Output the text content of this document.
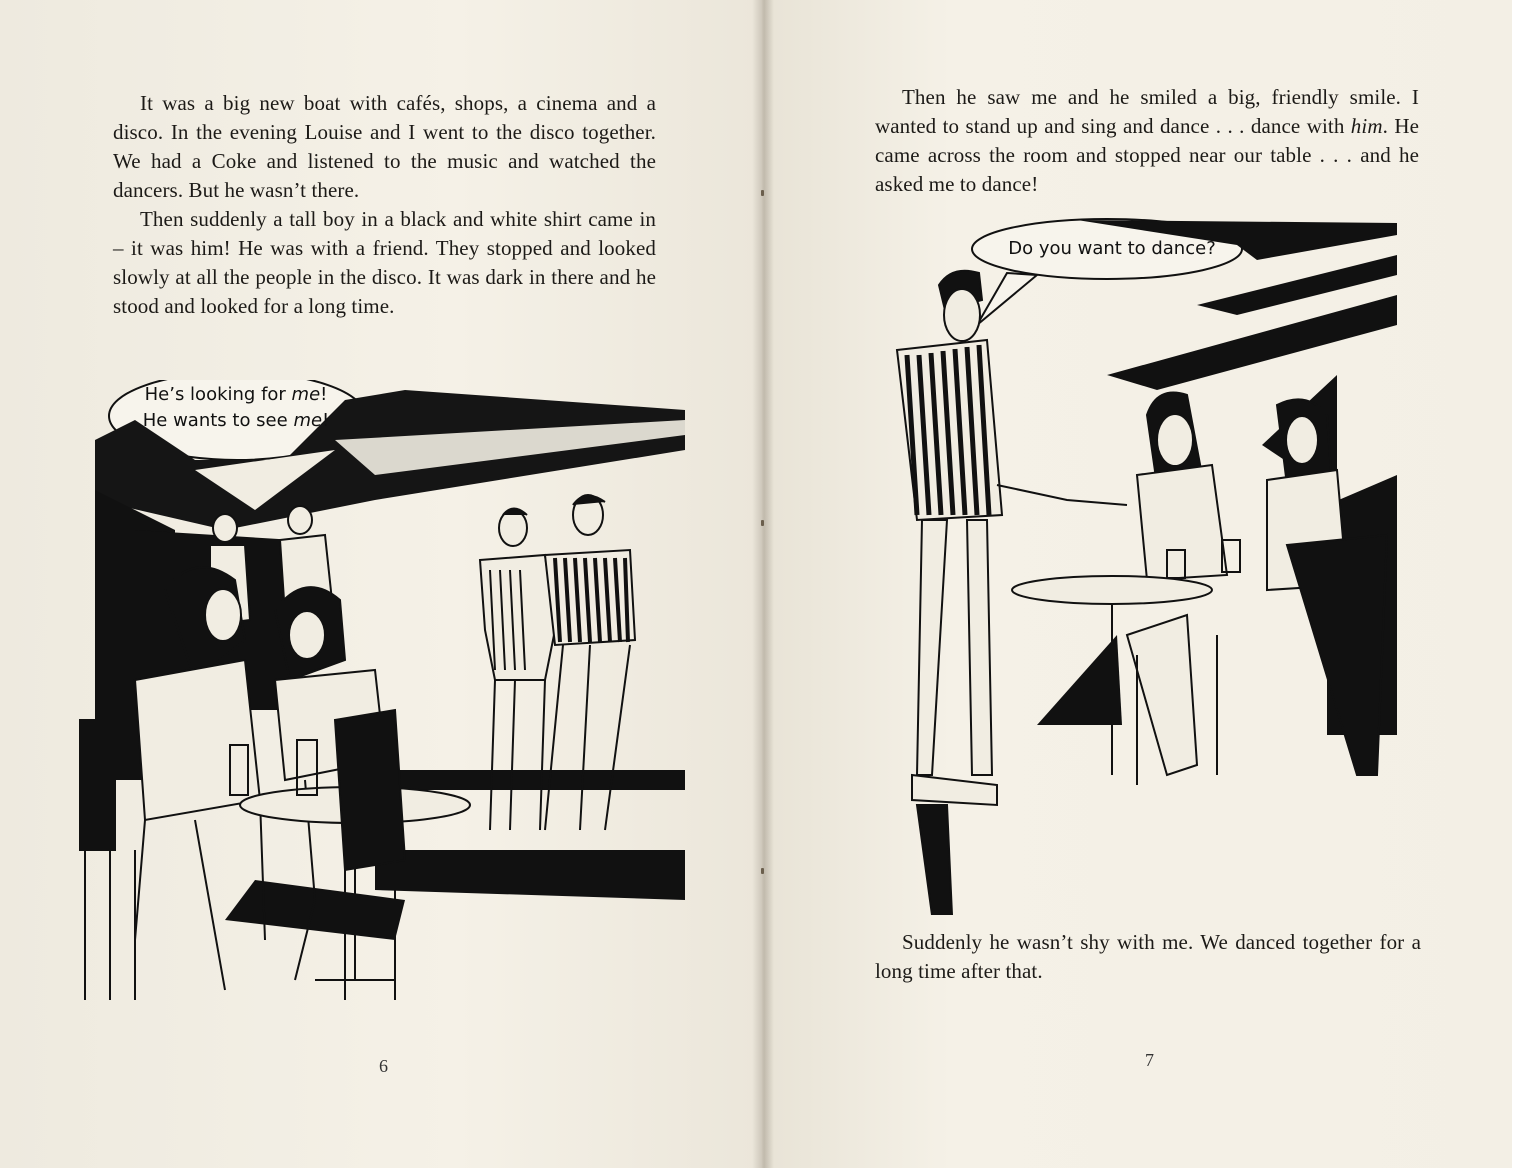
It was a big new boat with cafés, shops, a cinema and a disco. In the evening Louise and I went to the disco together. We had a Coke and listened to the music and watched the dancers. But he wasn’t there.

Then suddenly a tall boy in a black and white shirt came in – it was him! He was with a friend. They stopped and looked slowly at all the people in the disco. It was dark in there and he stood and looked for a long time.

He’s looking for me!
He wants to see me!
6

Then he saw me and he smiled a big, friendly smile. I wanted to stand up and sing and dance . . . dance with him. He came across the room and stopped near our table . . . and he asked me to dance!

Do you want to dance?

Suddenly he wasn’t shy with me. We danced together for a long time after that.

7
